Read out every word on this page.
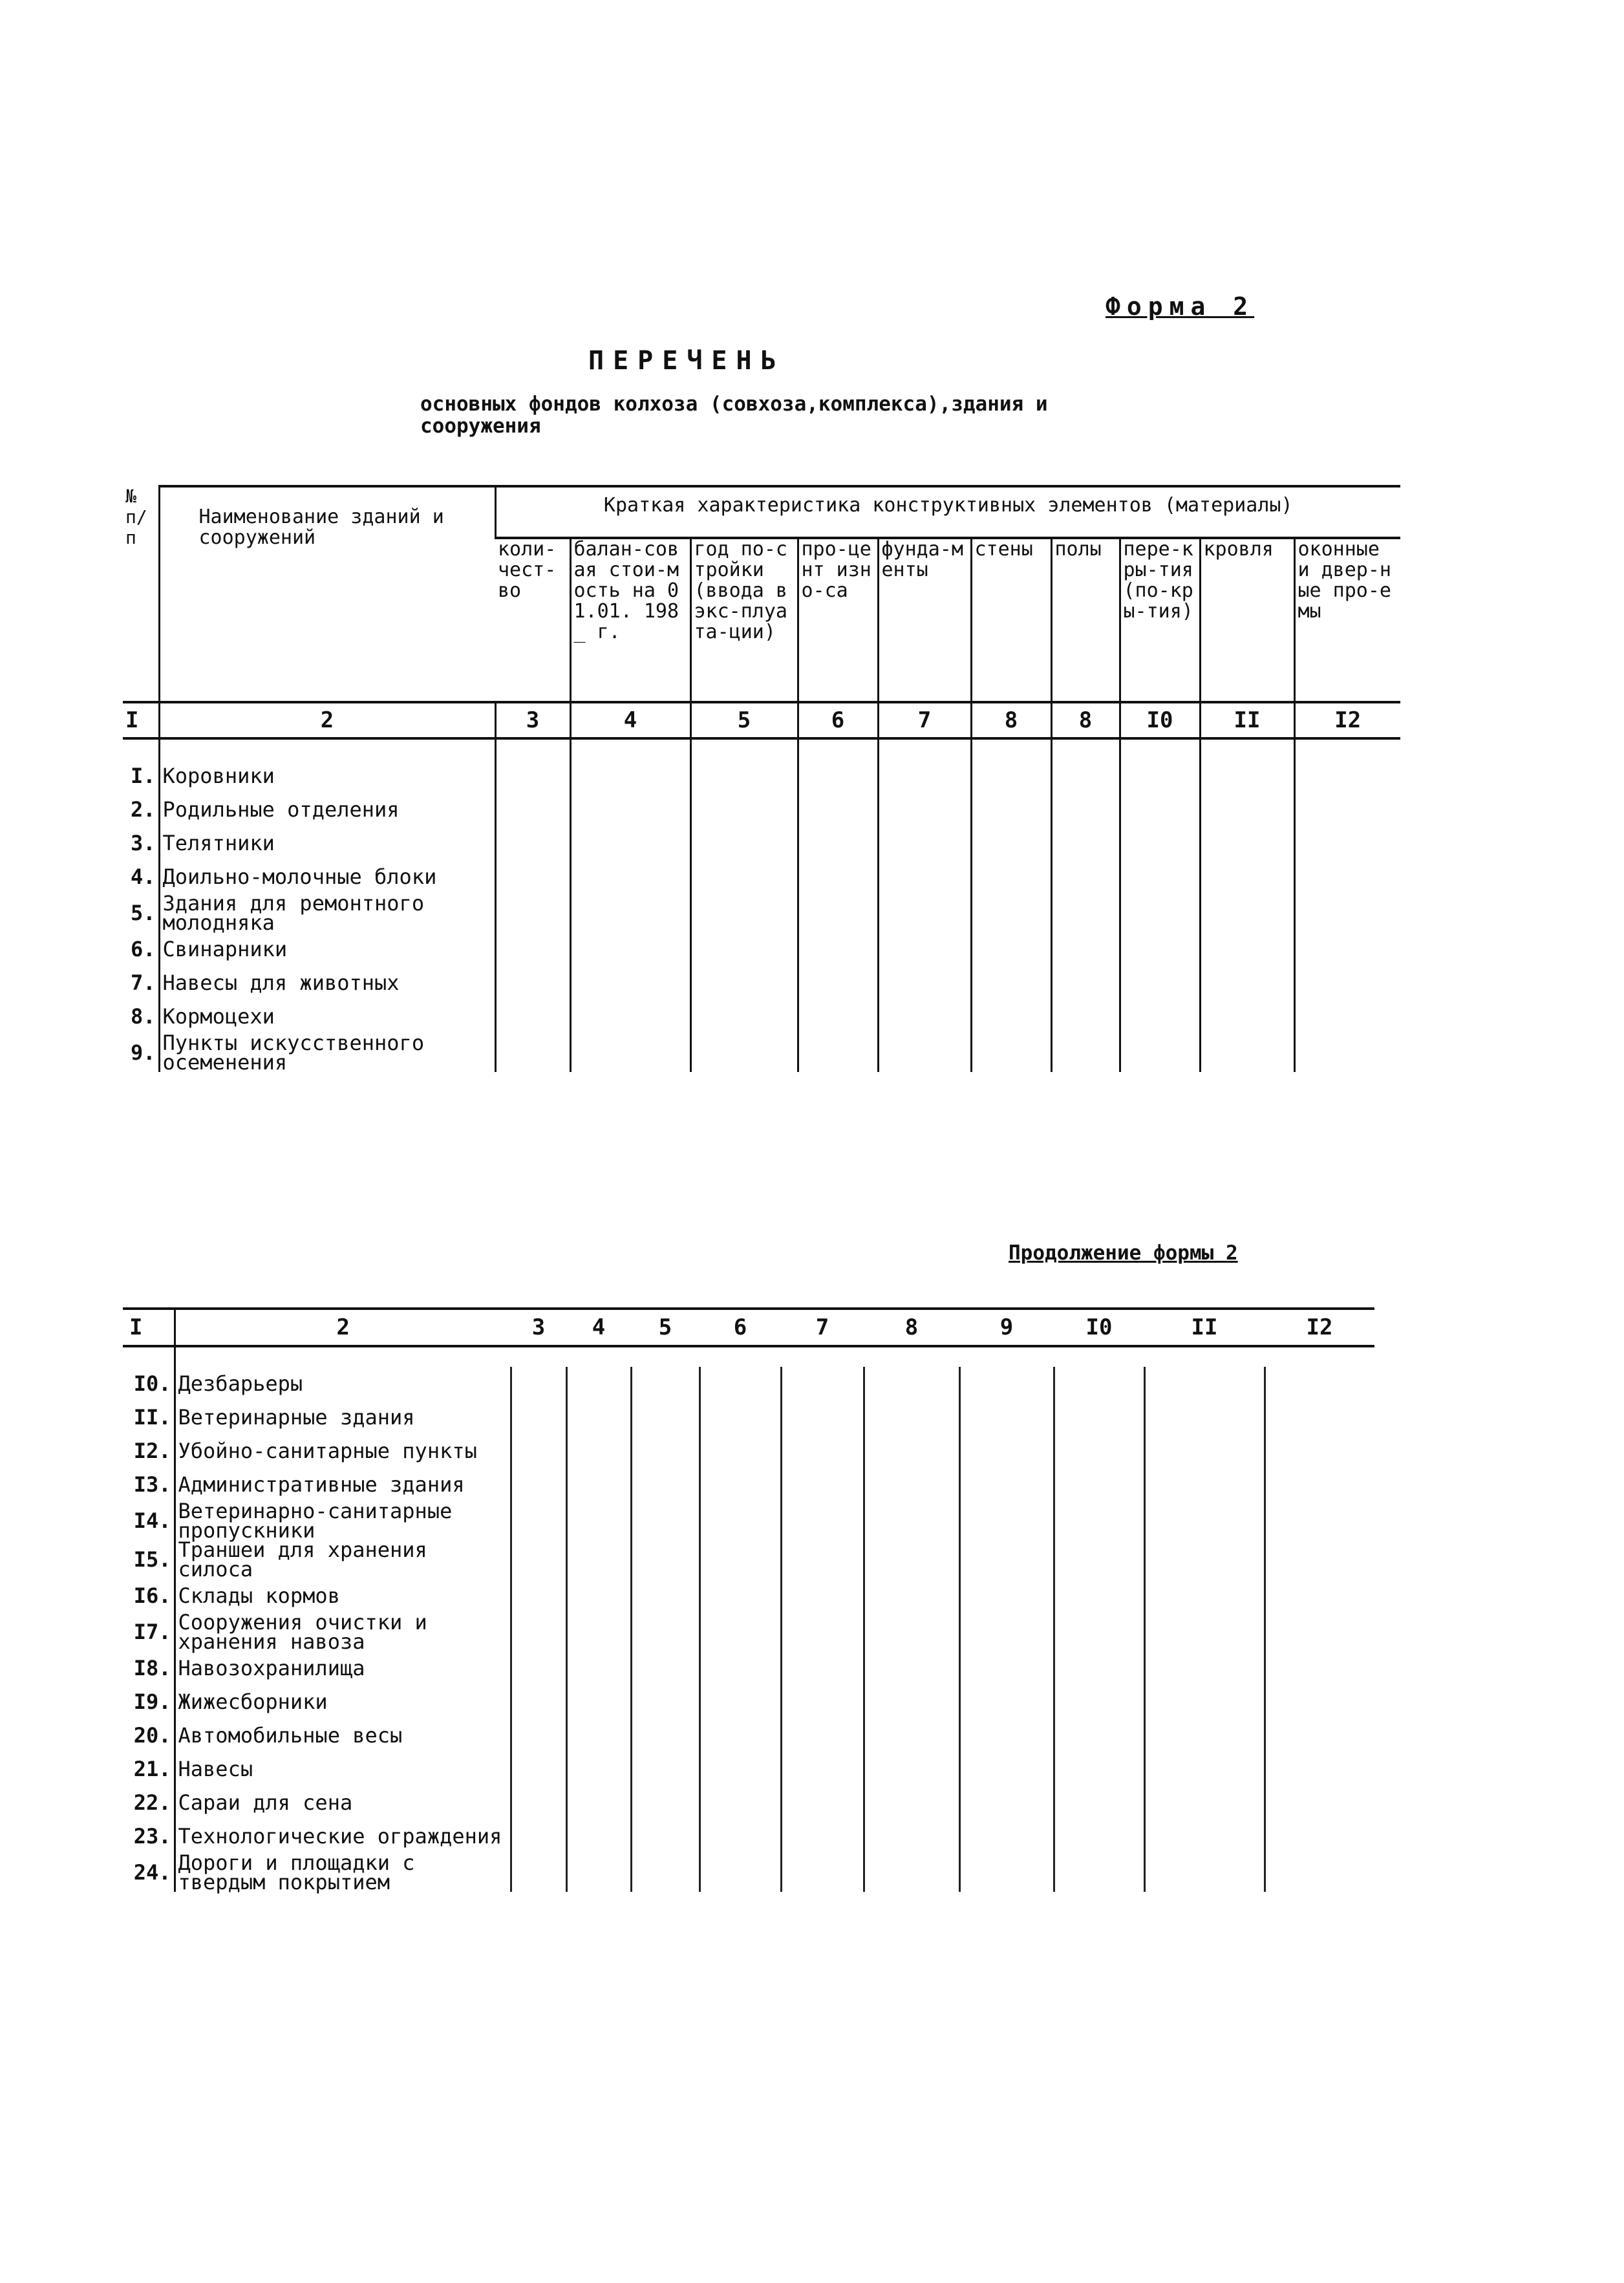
Форма 2
ПЕРЕЧЕНЬ
основных фондов колхоза (совхоза,комплекса),здания и сооружения
№ п/п	Наименование зданий и сооружений	Краткая характеристика конструктивных элементов (материалы)									
		коли-чест-во	балан-совая стои-мость на 01.01. 198_ г.	год по-стройки (ввода в экс-плуата-ции)	про-цент изно-са	фунда-менты	стены	полы	пере-кры-тия (по-кры-тия)	кровля	оконные и двер-ные про-емы
I	2	3	4	5	6	7	8	8	I0	II	I2

I.	Коровники										
2.	Родильные отделения										
3.	Телятники										
4.	Доильно-молочные блоки										
5.	Здания для ремонтного молодняка										
6.	Свинарники										
7.	Навесы для животных										
8.	Кормоцехи										
9.	Пункты искусственного осеменения										
Продолжение формы 2
I	2	3	4	5	6	7	8	9	I0	II	I2

I0.	Дезбарьеры										
II.	Ветеринарные здания										
I2.	Убойно-санитарные пункты										
I3.	Административные здания										
I4.	Ветеринарно-санитарные пропускники										
I5.	Траншеи для хранения силоса										
I6.	Склады кормов										
I7.	Сооружения очистки и хранения навоза										
I8.	Навозохранилища										
I9.	Жижесборники										
20.	Автомобильные весы										
21.	Навесы										
22.	Сараи для сена										
23.	Технологические ограждения										
24.	Дороги и площадки с твердым покрытием										
